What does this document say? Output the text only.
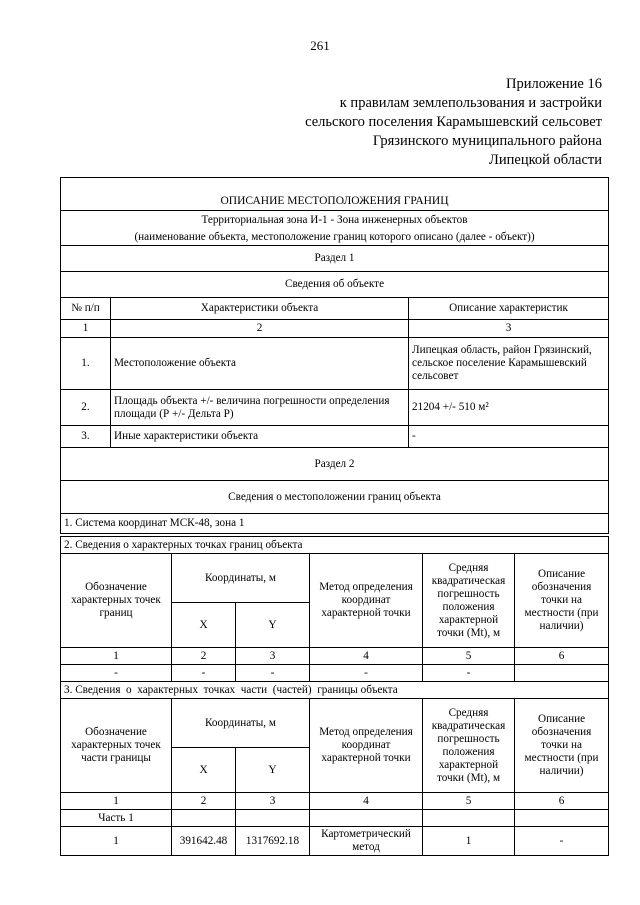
261
Приложение 16
к правилам землепользования и застройки
сельского поселения Карамышевский сельсовет
Грязинского муниципального района
Липецкой области
ОПИСАНИЕ МЕСТОПОЛОЖЕНИЯ ГРАНИЦ		
Территориальная зона И-1 - Зона инженерных объектов		
(наименование объекта, местоположение границ которого описано (далее - объект))		
Раздел 1		
Сведения об объекте		
№ п/п	Характеристики объекта	Описание характеристик
1	2	3
1.	Местоположение объекта	Липецкая область, район Грязинский, сельское поселение Карамышевский сельсовет
2.	Площадь объекта +/- величина погрешности определения площади (Р +/- Дельта Р)	21204 +/- 510 м²
3.	Иные характеристики объекта	-
Раздел 2		
Сведения о местоположении границ объекта		
1. Система координат МСК-48, зона 1		
2. Сведения о характерных точках границ объекта					
Обозначение характерных точек границ	Координаты, м		Метод определения координат характерной точки	Средняя квадратическая погрешность положения характерной точки (Mt), м	Описание обозначения точки на местности (при наличии)
	X	Y			
1	2	3	4	5	6
-	-	-	-	-	
3. Сведения  о  характерных  точках  части  (частей)  границы объекта					
Обозначение характерных точек части границы	Координаты, м		Метод определения координат характерной точки	Средняя квадратическая погрешность положения характерной точки (Mt), м	Описание обозначения точки на местности (при наличии)
	X	Y			
1	2	3	4	5	6
Часть 1					
1	391642.48	1317692.18	Картометрический метод	1	-
